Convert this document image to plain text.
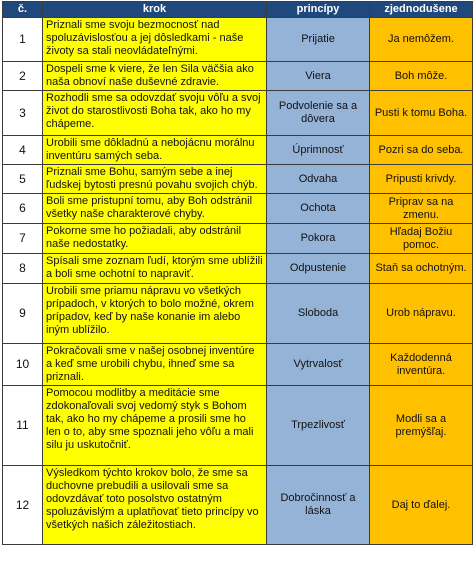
č.	krok	princípy	zjednodušene
1	Priznali sme svoju bezmocnosť nad spoluzávislosťou a jej dôsledkami - naše životy sa stali neovládateľnými.	Prijatie	Ja nemôžem.
2	Dospeli sme k viere, že len Sila väčšia ako naša obnoví naše duševné zdravie.	Viera	Boh môže.
3	Rozhodli sme sa odovzdať svoju vôľu a svoj život do starostlivosti Boha tak, ako ho my chápeme.	Podvolenie sa a dôvera	Pusti k tomu Boha.
4	Urobili sme dôkladnú a nebojácnu morálnu inventúru samých seba.	Úprimnosť	Pozri sa do seba.
5	Priznali sme Bohu, samým sebe a inej ľudskej bytosti presnú povahu svojich chýb.	Odvaha	Pripusti krivdy.
6	Boli sme pristupní tomu, aby Boh odstránil všetky naše charakterové chyby.	Ochota	Priprav sa na zmenu.
7	Pokorne sme ho požiadali, aby odstránil naše nedostatky.	Pokora	Hľadaj Božiu pomoc.
8	Spísali sme zoznam ľudí, ktorým sme ublížili a boli sme ochotní to napraviť.	Odpustenie	Staň sa ochotným.
9	Urobili sme priamu nápravu vo všetkých prípadoch, v ktorých to bolo možné, okrem prípadov, keď by naše konanie im alebo iným ublížilo.	Sloboda	Urob nápravu.
10	Pokračovali sme v našej osobnej inventúre a keď sme urobili chybu, ihneď sme sa priznali.	Vytrvalosť	Každodenná inventúra.
11	Pomocou modlitby a meditácie sme zdokonaľovali svoj vedomý styk s Bohom tak, ako ho my chápeme a prosili sme ho len o to, aby sme spoznali jeho vôľu a mali silu ju uskutočniť.	Trpezlivosť	Modli sa a premýšľaj.
12	Výsledkom týchto krokov bolo, že sme sa duchovne prebudili a usilovali sme sa odovzdávať toto posolstvo ostatným spoluzávislým a uplatňovať tieto princípy vo všetkých našich záležitostiach.	Dobročinnosť a láska	Daj to ďalej.
